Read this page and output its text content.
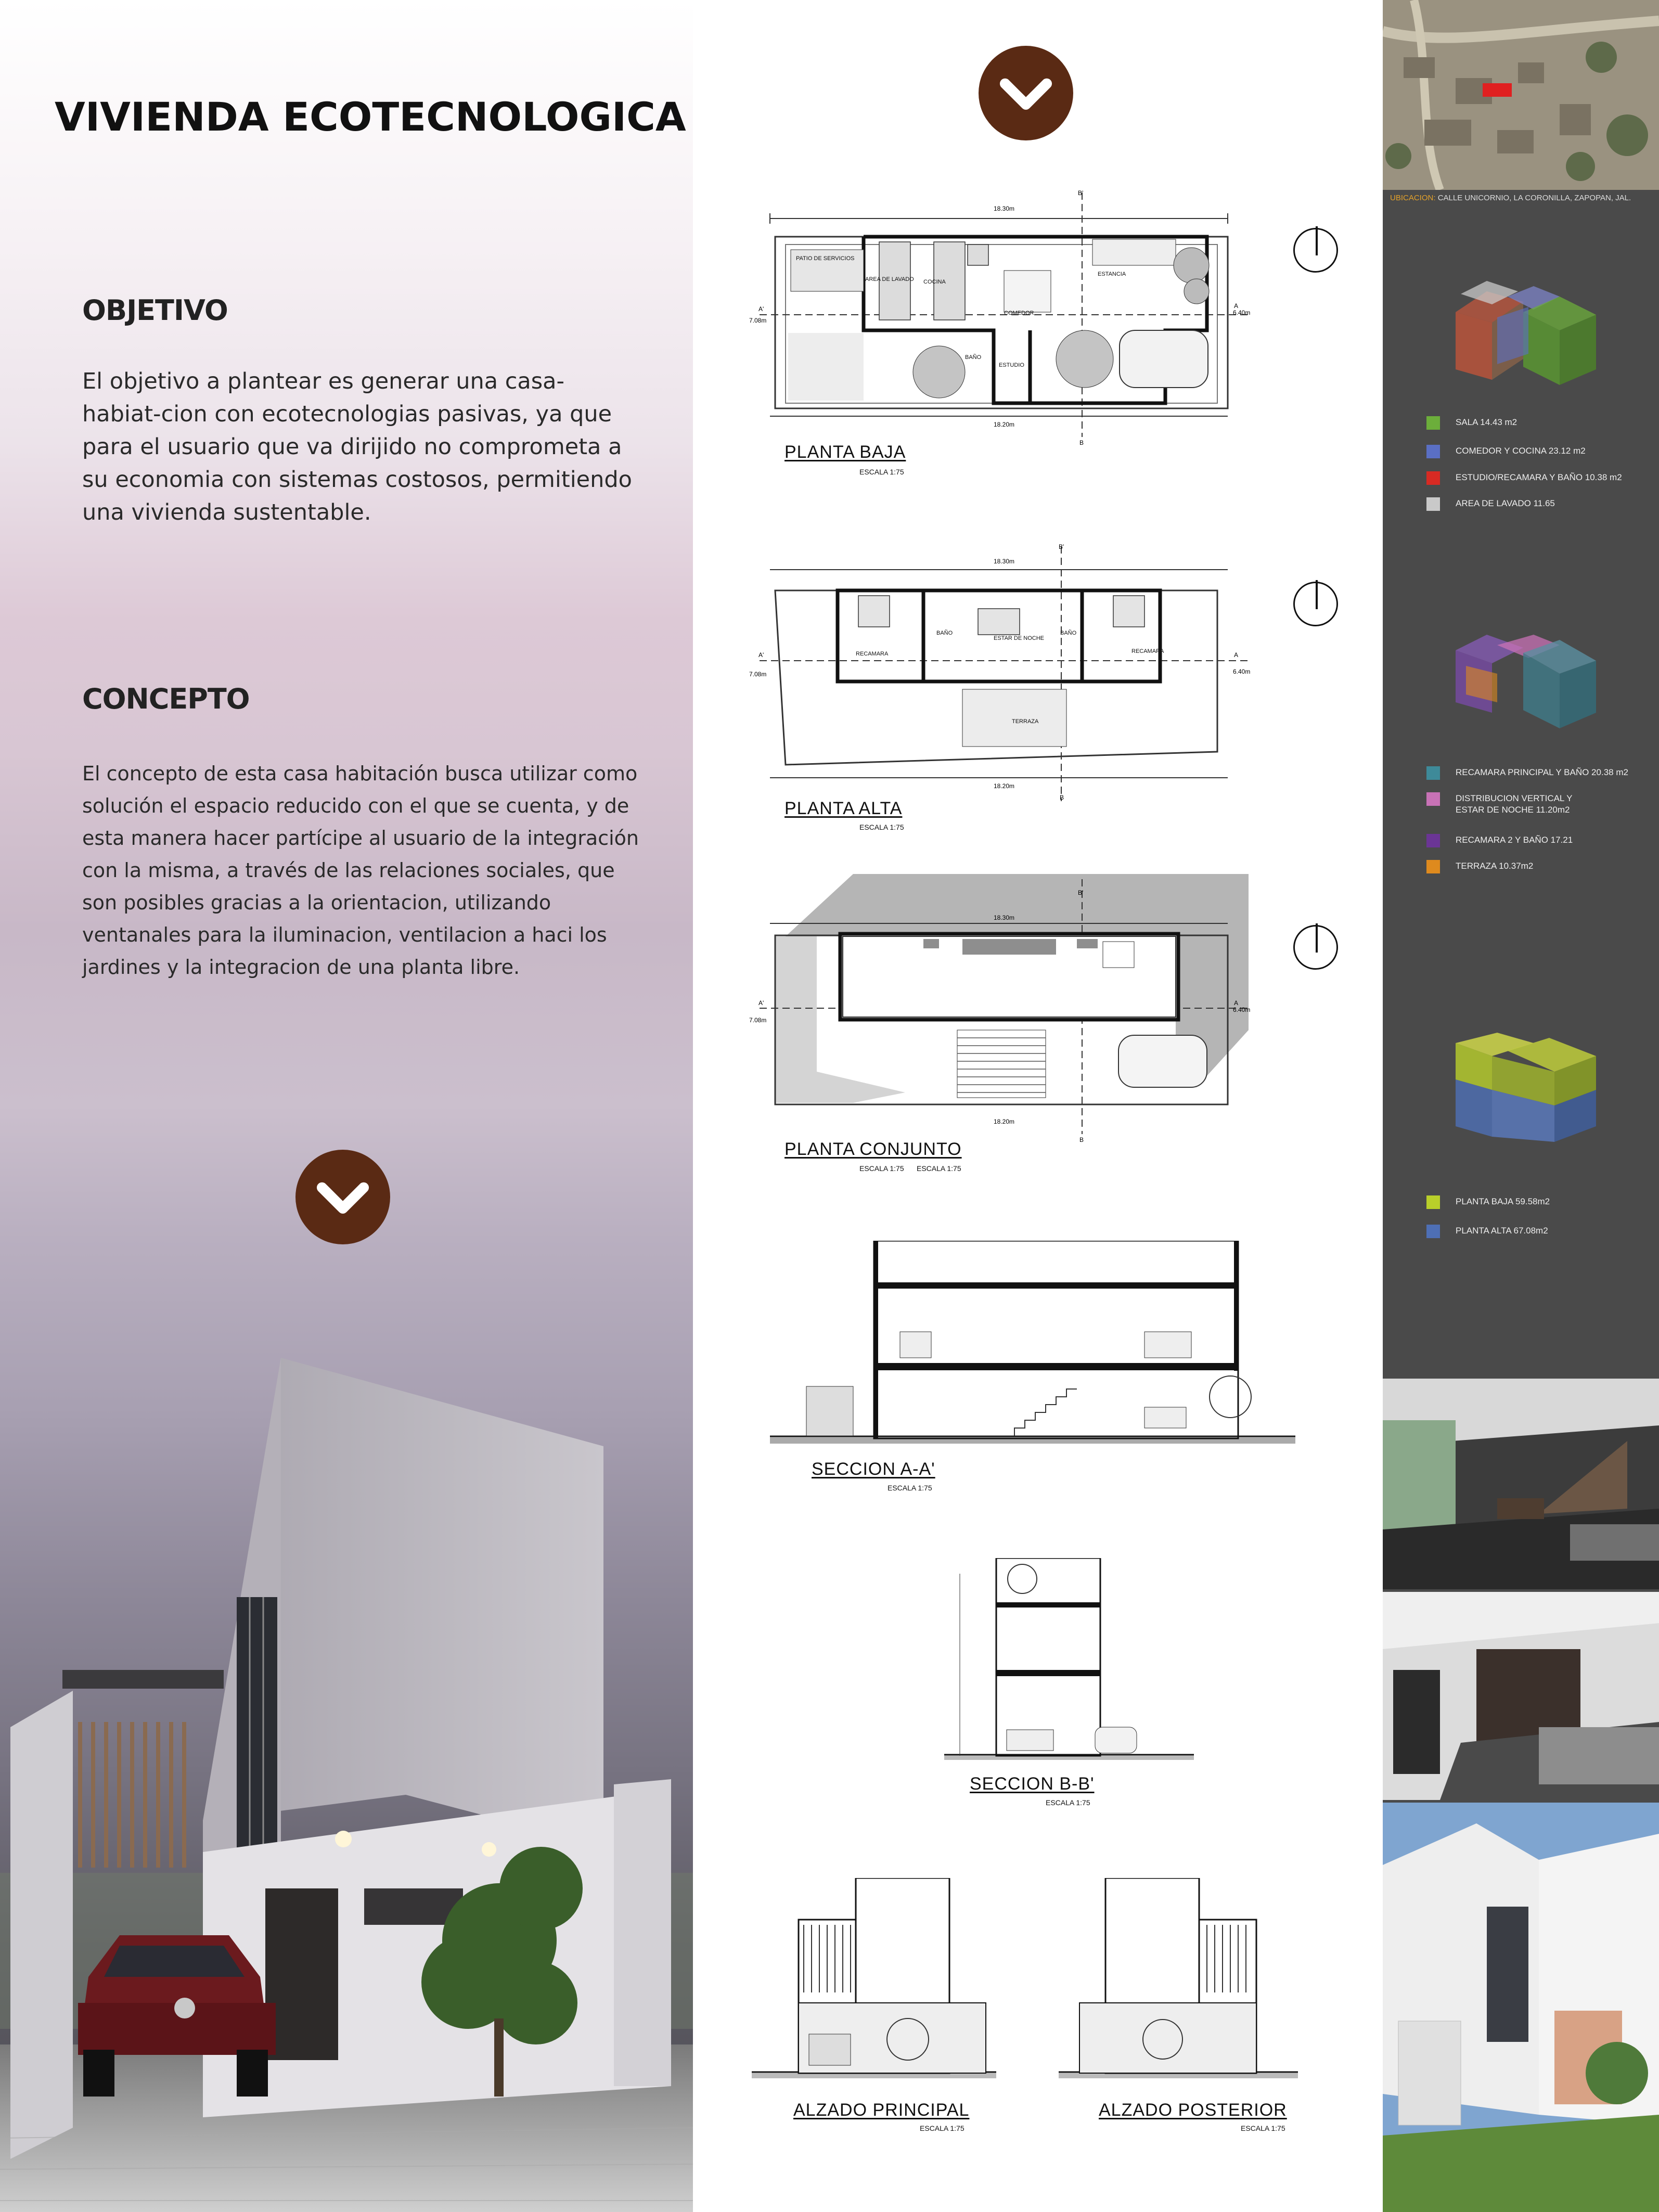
VIVIENDA ECOTECNOLOGICA
OBJETIVO

El objetivo a plantear es generar una casa-habiat-cion con ecotecnologias pasivas, ya que para el usuario que va dirijido no comprometa a su economia con sistemas costosos, permitiendo una vivienda sustentable.

CONCEPTO

El concepto de esta casa habitación busca utilizar como solución el espacio reducido con el que se cuenta, y de esta manera hacer partícipe al usuario de la integración con la misma, a través de las relaciones sociales, que son posibles gracias a la orientacion, utilizando ventanales para la iluminacion, ventilacion a haci los jardines y la integracion de una planta libre.

18.30m
18.20m
7.08m
6.40m
B'
B
A'	A
PATIO DE SERVICIOS
AREA DE LAVADO COCINA
COMEDOR
ESTANCIA
BAÑO
ESTUDIO
PLANTA BAJA
ESCALA 1:75
18.30m
18.20m
7.08m	6.40m
B'
B
A'	A
RECAMARA
BAÑO
ESTAR DE NOCHE
BAÑO
RECAMARA
TERRAZA
PLANTA ALTA
ESCALA 1:75
18.30m
18.20m
7.08m
6.40m
B'
B
A'	A
PLANTA CONJUNTO
ESCALA 1:75 ESCALA 1:75
SECCION A-A'
ESCALA 1:75
SECCION B-B'
ESCALA 1:75
ALZADO PRINCIPAL
ESCALA 1:75
ALZADO POSTERIOR
ESCALA 1:75
UBICACION: CALLE UNICORNIO, LA CORONILLA, ZAPOPAN, JAL.
SALA 14.43 m2
COMEDOR Y COCINA 23.12 m2
ESTUDIO/RECAMARA Y BAÑO 10.38 m2
AREA DE LAVADO 11.65
RECAMARA PRINCIPAL Y BAÑO 20.38 m2
DISTRIBUCION VERTICAL Y
ESTAR DE NOCHE 11.20m2
RECAMARA 2 Y BAÑO 17.21
TERRAZA 10.37m2
PLANTA BAJA 59.58m2
PLANTA ALTA 67.08m2
